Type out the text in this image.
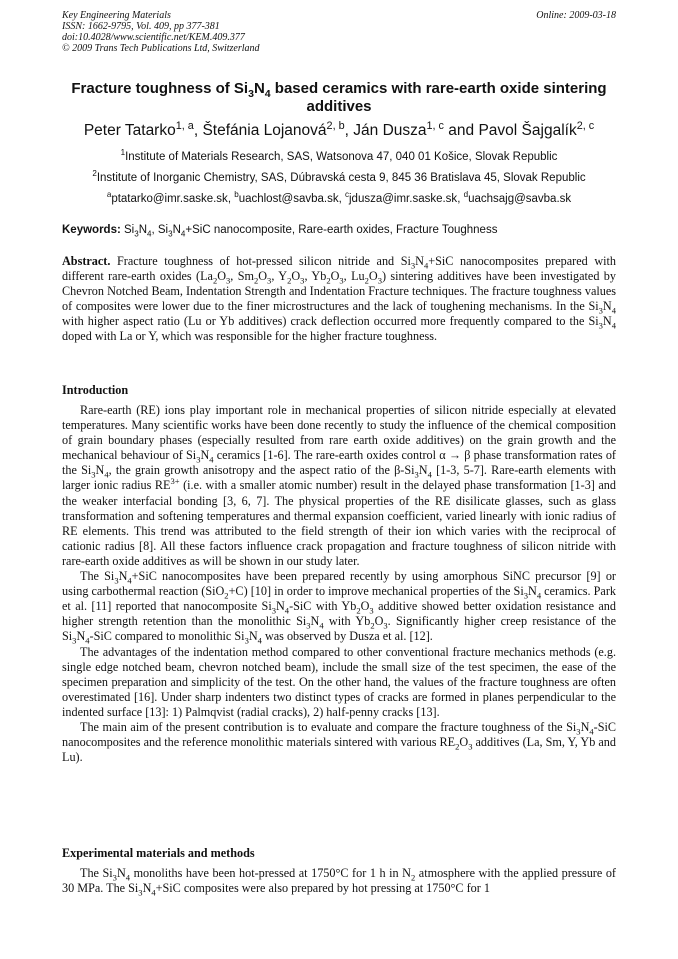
Key Engineering Materials
ISSN: 1662-9795, Vol. 409, pp 377-381
doi:10.4028/www.scientific.net/KEM.409.377
© 2009 Trans Tech Publications Ltd, Switzerland
Online: 2009-03-18
Fracture toughness of $Si_3N_4$ based ceramics with rare-earth oxide sintering additives
Peter Tatarko$^{1, a}$, Štefánia Lojanová$^{2, b}$, Ján Dusza$^{1, c}$ and Pavol Šajgalík$^{2, c}$
$^1$Institute of Materials Research, SAS, Watsonova 47, 040 01 Košice, Slovak Republic
$^2$Institute of Inorganic Chemistry, SAS, Dúbravská cesta 9, 845 36 Bratislava 45, Slovak Republic
$^a$ptatarko@imr.saske.sk, $^b$uachlost@savba.sk, $^c$jdusza@imr.saske.sk, $^d$uachsajg@savba.sk
Keywords: $Si_3N_4$, $Si_3N_4+SiC$ nanocomposite, Rare-earth oxides, Fracture Toughness
Abstract. Fracture toughness of hot-pressed silicon nitride and $Si_3N_4+SiC$ nanocomposites prepared with different rare-earth oxides ($La_2O_3$, $Sm_2O_3$, $Y_2O_3$, $Yb_2O_3$, $Lu_2O_3$) sintering additives have been investigated by Chevron Notched Beam, Indentation Strength and Indentation Fracture techniques. The fracture toughness values of composites were lower due to the finer microstructures and the lack of toughening mechanisms. In the $Si_3N_4$ with higher aspect ratio (Lu or Yb additives) crack deflection occurred more frequently compared to the $Si_3N_4$ doped with La or Y, which was responsible for the higher fracture toughness.
Introduction

Rare-earth (RE) ions play important role in mechanical properties of silicon nitride especially at elevated temperatures. Many scientific works have been done recently to study the influence of the chemical composition of grain boundary phases (especially resulted from rare earth oxide additives) on the grain growth and the mechanical behaviour of $Si_3N_4$ ceramics [1-6]. The rare-earth oxides control α → β phase transformation rates of the $Si_3N_4$, the grain growth anisotropy and the aspect ratio of the $\beta-Si_3N_4$ [1-3, 5-7]. Rare-earth elements with larger ionic radius $RE^{3+}$ (i.e. with a smaller atomic number) result in the delayed phase transformation [1-3] and the weaker interfacial bonding [3, 6, 7]. The physical properties of the RE disilicate glasses, such as glass transformation and softening temperatures and thermal expansion coefficient, varied linearly with ionic radius of RE elements. This trend was attributed to the field strength of their ion which varies with the reciprocal of cationic radius [8]. All these factors influence crack propagation and fracture toughness of silicon nitride with rare-earth oxide additives as will be shown in our study later.

The $Si_3N_4+SiC$ nanocomposites have been prepared recently by using amorphous SiNC precursor [9] or using carbothermal reaction (SiO$_2$+C) [10] in order to improve mechanical properties of the $Si_3N_4$ ceramics. Park et al. [11] reported that nanocomposite $Si_3N_4$-SiC with $Yb_2O_3$ additive showed better oxidation resistance and higher strength retention than the monolithic $Si_3N_4$ with $Yb_2O_3$. Significantly higher creep resistance of the $Si_3N_4$-SiC compared to monolithic $Si_3N_4$ was observed by Dusza et al. [12].

The advantages of the indentation method compared to other conventional fracture mechanics methods (e.g. single edge notched beam, chevron notched beam), include the small size of the test specimen, the ease of the specimen preparation and simplicity of the test. On the other hand, the values of the fracture toughness are often overestimated [16]. Under sharp indenters two distinct types of cracks are formed in planes perpendicular to the indented surface [13]: 1) Palmqvist (radial cracks), 2) half-penny cracks [13].

The main aim of the present contribution is to evaluate and compare the fracture toughness of the $Si_3N_4$-SiC nanocomposites and the reference monolithic materials sintered with various $RE_2O_3$ additives (La, Sm, Y, Yb and Lu).

Experimental materials and methods

The $Si_3N_4$ monoliths have been hot-pressed at 1750°C for 1 h in $N_2$ atmosphere with the applied pressure of 30 MPa. The $Si_3N_4+SiC$ composites were also prepared by hot pressing at 1750°C for 1
